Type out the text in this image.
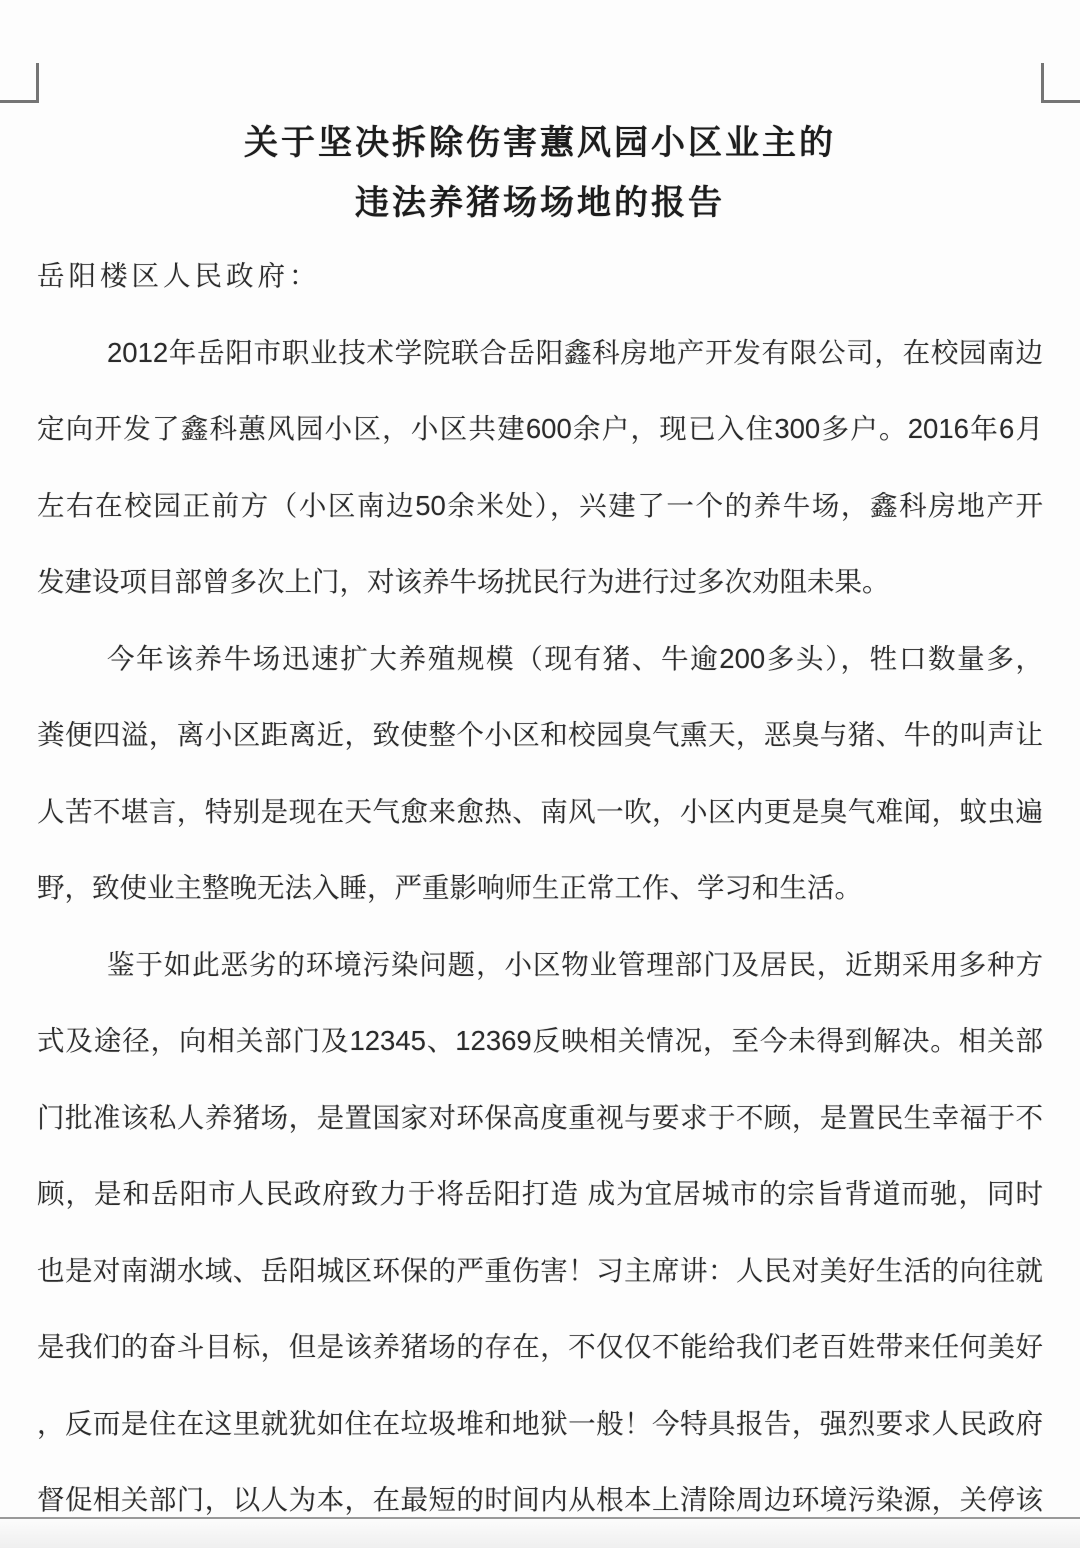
关于坚决拆除伤害蕙风园小区业主的
违法养猪场场地的报告
岳阳楼区人民政府：
2012年岳阳市职业技术学院联合岳阳鑫科房地产开发有限公司，在校园南边
定向开发了鑫科蕙风园小区，小区共建600余户，现已入住300多户。2016年6月
左右在校园正前方（小区南边50余米处），兴建了一个的养牛场，鑫科房地产开
发建设项目部曾多次上门，对该养牛场扰民行为进行过多次劝阻未果。
今年该养牛场迅速扩大养殖规模（现有猪、牛逾200多头），牲口数量多，
粪便四溢，离小区距离近，致使整个小区和校园臭气熏天，恶臭与猪、牛的叫声让
人苦不堪言，特别是现在天气愈来愈热、南风一吹，小区内更是臭气难闻，蚊虫遍
野，致使业主整晚无法入睡，严重影响师生正常工作、学习和生活。
鉴于如此恶劣的环境污染问题，小区物业管理部门及居民，近期采用多种方
式及途径，向相关部门及12345、12369反映相关情况，至今未得到解决。相关部
门批准该私人养猪场，是置国家对环保高度重视与要求于不顾，是置民生幸福于不
顾，是和岳阳市人民政府致力于将岳阳打造 成为宜居城市的宗旨背道而驰，同时
也是对南湖水域、岳阳城区环保的严重伤害！习主席讲：人民对美好生活的向往就
是我们的奋斗目标，但是该养猪场的存在，不仅仅不能给我们老百姓带来任何美好
，反而是住在这里就犹如住在垃圾堆和地狱一般！今特具报告，强烈要求人民政府
督促相关部门，以人为本，在最短的时间内从根本上清除周边环境污染源，关停该
